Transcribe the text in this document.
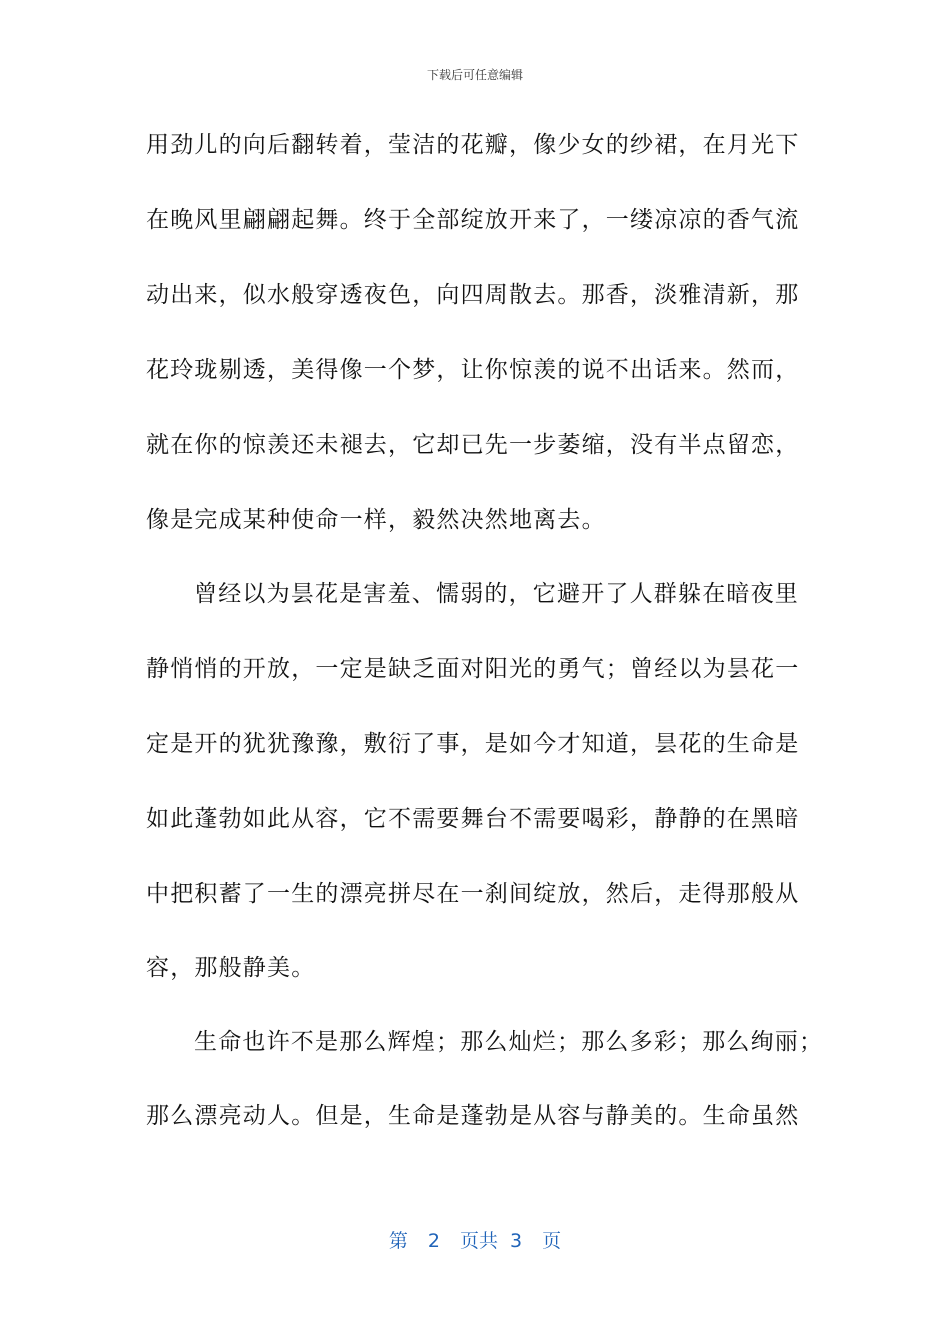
下载后可任意编辑
用劲儿的向后翻转着，莹洁的花瓣，像少女的纱裙，在月光下
在晚风里翩翩起舞。终于全部绽放开来了，一缕凉凉的香气流
动出来，似水般穿透夜色，向四周散去。那香，淡雅清新，那
花玲珑剔透，美得像一个梦，让你惊羡的说不出话来。然而，
就在你的惊羡还未褪去，它却已先一步萎缩，没有半点留恋，
像是完成某种使命一样，毅然决然地离去。
曾经以为昙花是害羞、懦弱的，它避开了人群躲在暗夜里
静悄悄的开放，一定是缺乏面对阳光的勇气；曾经以为昙花一
定是开的犹犹豫豫，敷衍了事，是如今才知道，昙花的生命是
如此蓬勃如此从容，它不需要舞台不需要喝彩，静静的在黑暗
中把积蓄了一生的漂亮拼尽在一刹间绽放，然后，走得那般从
容，那般静美。
生命也许不是那么辉煌；那么灿烂；那么多彩；那么绚丽；
那么漂亮动人。但是，生命是蓬勃是从容与静美的。生命虽然
第 2 页共 3 页
